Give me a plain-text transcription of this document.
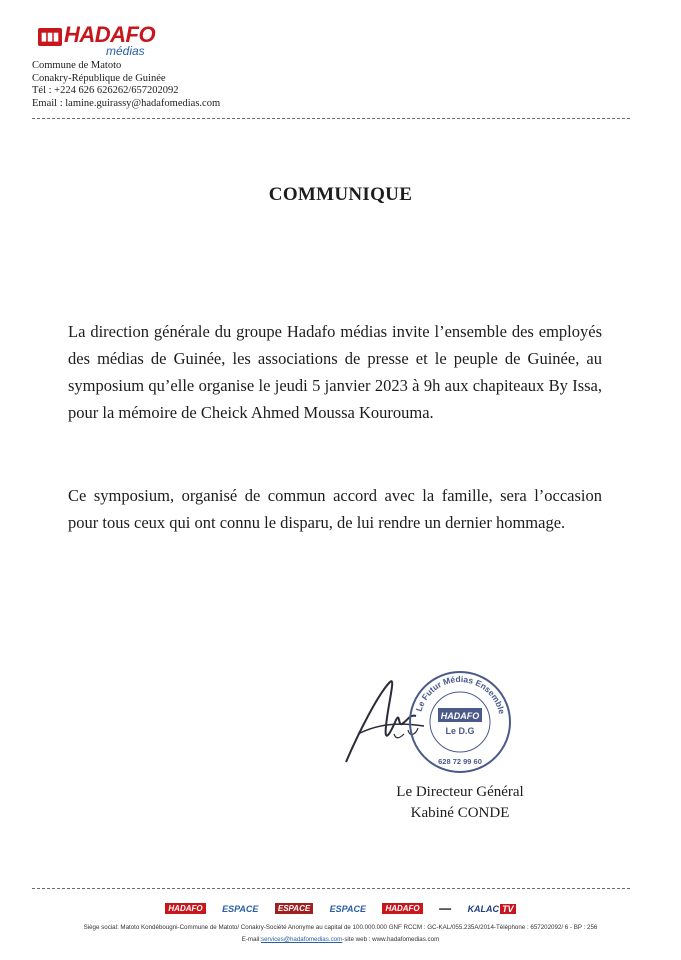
▮▮▮ HADAFO
médias
Commune de Matoto
Conakry-République de Guinée
Tél : +224 626 626262/657202092
Email : lamine.guirassy@hadafomedias.com
COMMUNIQUE
La direction générale du groupe Hadafo médias invite l’ensemble des employés des médias de Guinée, les associations de presse et le peuple de Guinée, au symposium qu’elle organise le jeudi 5 janvier 2023 à 9h aux chapiteaux By Issa, pour la mémoire de Cheick Ahmed Moussa Kourouma.
Ce symposium, organisé de commun accord avec la famille, sera l’occasion pour tous ceux qui ont connu le disparu, de lui rendre un dernier hommage.
Le Futur Médias Ensemble
HADAFO
Le D.G
628 72 99 60
Le Directeur Général
Kabiné CONDE
HADAFO ESPACE ESPACE ESPACE HADAFO	▬▬ KALAC TV
Siège social: Matoto Kondébougni-Commune de Matoto/ Conakry-Société Anonyme au capital de 100.000.000 GNF RCCM : GC-KAL/055.235A/2014-Téléphone : 657202092/ 6 - BP : 256
E-mail:services@hadafomedias.com-site web : www.hadafomedias.com
